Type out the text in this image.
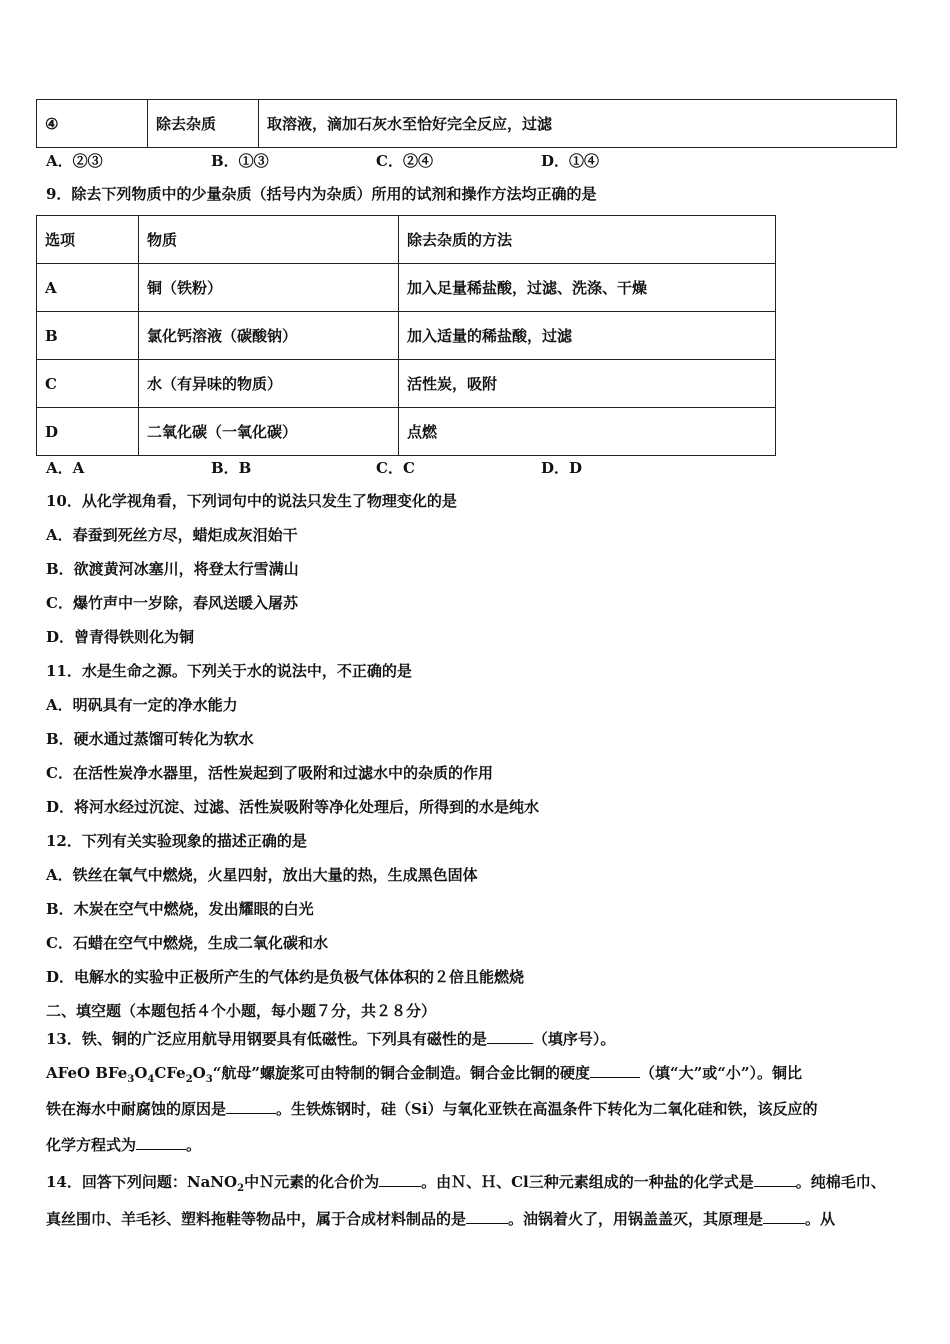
④	除去杂质	取溶液，滴加石灰水至恰好完全反应，过滤
A．②③	B．①③	C．②④	D．①④
9．除去下列物质中的少量杂质（括号内为杂质）所用的试剂和操作方法均正确的是
选项	物质	除去杂质的方法
A	铜（铁粉）	加入足量稀盐酸，过滤、洗涤、干燥
B	氯化钙溶液（碳酸钠）	加入适量的稀盐酸，过滤
C	水（有异味的物质）	活性炭，吸附
D	二氧化碳（一氧化碳）	点燃
A．A	B．B	C．C	D．D
10．从化学视角看，下列词句中的说法只发生了物理变化的是
A．春蚕到死丝方尽，蜡炬成灰泪始干
B．欲渡黄河冰塞川，将登太行雪满山
C．爆竹声中一岁除，春风送暖入屠苏
D．曾青得铁则化为铜
11．水是生命之源。下列关于水的说法中，不正确的是
A．明矾具有一定的净水能力
B．硬水通过蒸馏可转化为软水
C．在活性炭净水器里，活性炭起到了吸附和过滤水中的杂质的作用
D．将河水经过沉淀、过滤、活性炭吸附等净化处理后，所得到的水是纯水
12．下列有关实验现象的描述正确的是
A．铁丝在氧气中燃烧，火星四射，放出大量的热，生成黑色固体
B．木炭在空气中燃烧，发出耀眼的白光
C．石蜡在空气中燃烧，生成二氧化碳和水
D．电解水的实验中正极所产生的气体约是负极气体体积的２倍且能燃烧
二、填空题（本题包括４个小题，每小题７分，共２８分）
13．铁、铜的广泛应用航导用钢要具有低磁性。下列具有磁性的是	（填序号）。
AFeO $BFe_3O_4CFe_2O_3“$航母”螺旋浆可由特制的铜合金制造。铜合金比铜的硬度	（填“大”或“小”）。铜比
铁在海水中耐腐蚀的原因是	。生铁炼钢时，硅（Si）与氧化亚铁在高温条件下转化为二氧化硅和铁，该反应的
化学方程式为	。
14．回答下列问题：NaNO$_2$中Ｎ元素的化合价为	。由Ｎ、Ｈ、Cl三种元素组成的一种盐的化学式是	。纯棉毛巾、
真丝围巾、羊毛衫、塑料拖鞋等物品中，属于合成材料制品的是	。油锅着火了，用锅盖盖灭，其原理是	。从
